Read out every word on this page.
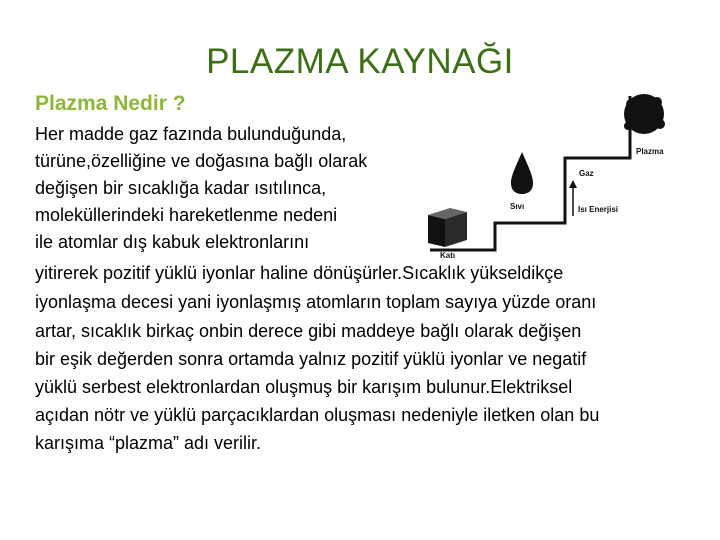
PLAZMA KAYNAĞI
Plazma Nedir ?
Her madde gaz fazında bulunduğunda,
türüne,özelliğine ve doğasına bağlı olarak
değişen bir sıcaklığa kadar ısıtılınca,
moleküllerindeki hareketlenme nedeni
ile atomlar dış kabuk elektronlarını
yitirerek pozitif yüklü iyonlar haline dönüşürler.Sıcaklık yükseldikçe
iyonlaşma decesi yani iyonlaşmış atomların toplam sayıya yüzde oranı
artar, sıcaklık birkaç onbin derece gibi maddeye bağlı olarak değişen
bir eşik değerden sonra ortamda yalnız pozitif yüklü iyonlar ve negatif
yüklü serbest elektronlardan oluşmuş bir karışım bulunur.Elektriksel
açıdan nötr ve yüklü parçacıklardan oluşması nedeniyle iletken olan bu
karışıma “plazma” adı verilir.
Plazma
Gaz
Sıvı	Isı Enerjisi
Katı
